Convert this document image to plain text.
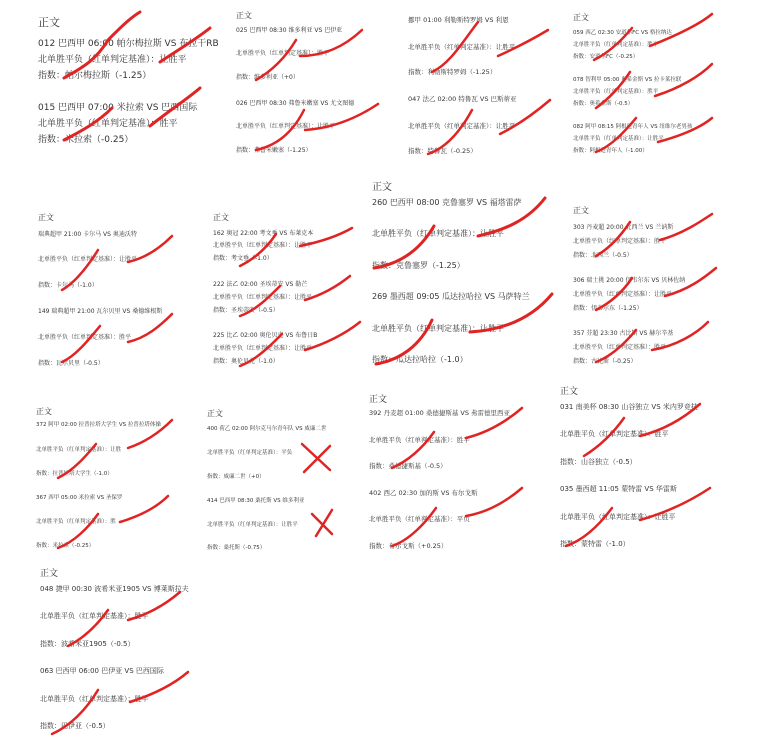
正文
012 巴西甲 06:00 帕尔梅拉斯 VS 布拉干RB
北单胜平负（红单判定基准）：让胜平
指数：帕尔梅拉斯（-1.25）
015 巴西甲 07:00 米拉索 VS 巴西国际
北单胜平负（红单判定基准）：胜平
指数：米拉索（-0.25）
正文
025 巴西甲 08:30 维多利亚 VS 巴伊亚
北单胜平负（红单判定基准）：胜平
指数：维多利亚（+0）
026 巴西甲 08:30 弗鲁米嫩塞 VS 尤文图德
北单胜平负（红单判定基准）：让胜平
指数：弗鲁米嫩塞（-1.25）
挪甲 01:00 利勒斯特罗姆 VS 利恩
北单胜平负（红单判定基准）：让胜平
指数：利勒斯特罗姆（-1.25）
047 法乙 02:00 特鲁瓦 VS 巴斯蒂亚
北单胜平负（红单判定基准）：让胜平
指数：特鲁瓦（-0.25）
正文
059 西乙 02:30 安道尔FC VS 格拉纳达
北单胜平负（红单判定基准）：胜平
指数：安道尔FC（-0.25）
078 智利甲 05:00 奥希金斯 VS 拉卡莱拉联
北单胜平负（红单判定基准）：胜平
指数：奥希金斯（-0.5）
082 阿甲 08:15 阿根廷青年人 VS 纽维尔老男孩
北单胜平负（红单判定基准）：让胜平
指数：阿根廷青年人（-1.00）
正文
260 巴西甲 08:00 克鲁塞罗 VS 福塔雷萨
北单胜平负（红单判定基准）：让胜平
指数：克鲁塞罗（-1.25）
269 墨西超 09:05 瓜达拉哈拉 VS 马萨特兰
北单胜平负（红单判定基准）：让胜平
指数：瓜达拉哈拉（-1.0）
正文
瑞典超甲 21:00 卡尔马 VS 奥迪沃特
北单胜平负（红单判定基准）：让胜平
指数：卡尔马（-1.0）
149 瑞典超甲 21:00 瓦尔贝里 VS 桑德维根斯
北单胜平负（红单判定基准）：胜平
指数：瓦尔贝里（-0.5）
正文
162 奥冠 22:00 考文垂 VS 布莱克本
北单胜平负（红单判定基准）：让胜平
指数：考文垂（-1.0）
222 法乙 02:00 圣埃蒂安 VS 勒芒
北单胜平负（红单判定基准）：让胜平
指数：圣埃蒂安（-0.5）
225 比乙 02:00 奥伦贝克 VS 布鲁日B
北单胜平负（红单判定基准）：让胜平
指数：奥伦贝克（-1.0）
正文
303 丹麦超 20:00 北西兰 VS 兰讷斯
北单胜平负（红单判定基准）：胜平
指数：北西兰（-0.5）
306 瑞士挑 20:00 伊韦尔东 VS 贝林佐纳
北单胜平负（红单判定基准）：让胜平
指数：伊韦尔东（-1.25）
357 芬超 23:30 古比斯 VS 赫尔辛基
北单胜平负（红单判定基准）：胜平
指数：古比斯（-0.25）
正文
372 阿甲 02:00 拉普拉塔大学生 VS 拉普拉塔体操
北单胜平负（红单判定基准）：让胜
指数：拉普拉塔大学生（-1.0）
367 西甲 05:00 米拉索 VS 圣保罗
北单胜平负（红单判定基准）：胜
指数：米拉索（-0.25）
正文
400 荷乙 02:00 阿尔克马尔青年队 VS 威廉二世
北单胜平负（红单判定基准）：平负
指数：威廉二世（+0）
414 巴西甲 08:30 桑托斯 VS 维多利亚
北单胜平负（红单判定基准）：让胜平
指数：桑托斯（-0.75）
正文
392 丹麦超 01:00 桑德捷斯基 VS 弗雷德里西亚
北单胜平负（红单判定基准）：胜平
指数：桑德捷斯基（-0.5）
402 西乙 02:30 加的斯 VS 布尔戈斯
北单胜平负（红单判定基准）：平负
指数：布尔戈斯（+0.25）
正文
031 南美杯 08:30 山谷独立 VS 米内罗竞技
北单胜平负（红单判定基准）：胜平
指数：山谷独立（-0.5）
035 墨西超 11:05 蒙特雷 VS 华雷斯
北单胜平负（红单判定基准）：让胜平
指数：蒙特雷（-1.0）
正文
048 捷甲 00:30 波希米亚1905 VS 博莱斯拉夫
北单胜平负（红单判定基准）：胜平
指数：波希米亚1905（-0.5）
063 巴西甲 06:00 巴伊亚 VS 巴西国际
北单胜平负（红单判定基准）：胜平
指数：巴伊亚（-0.5）
